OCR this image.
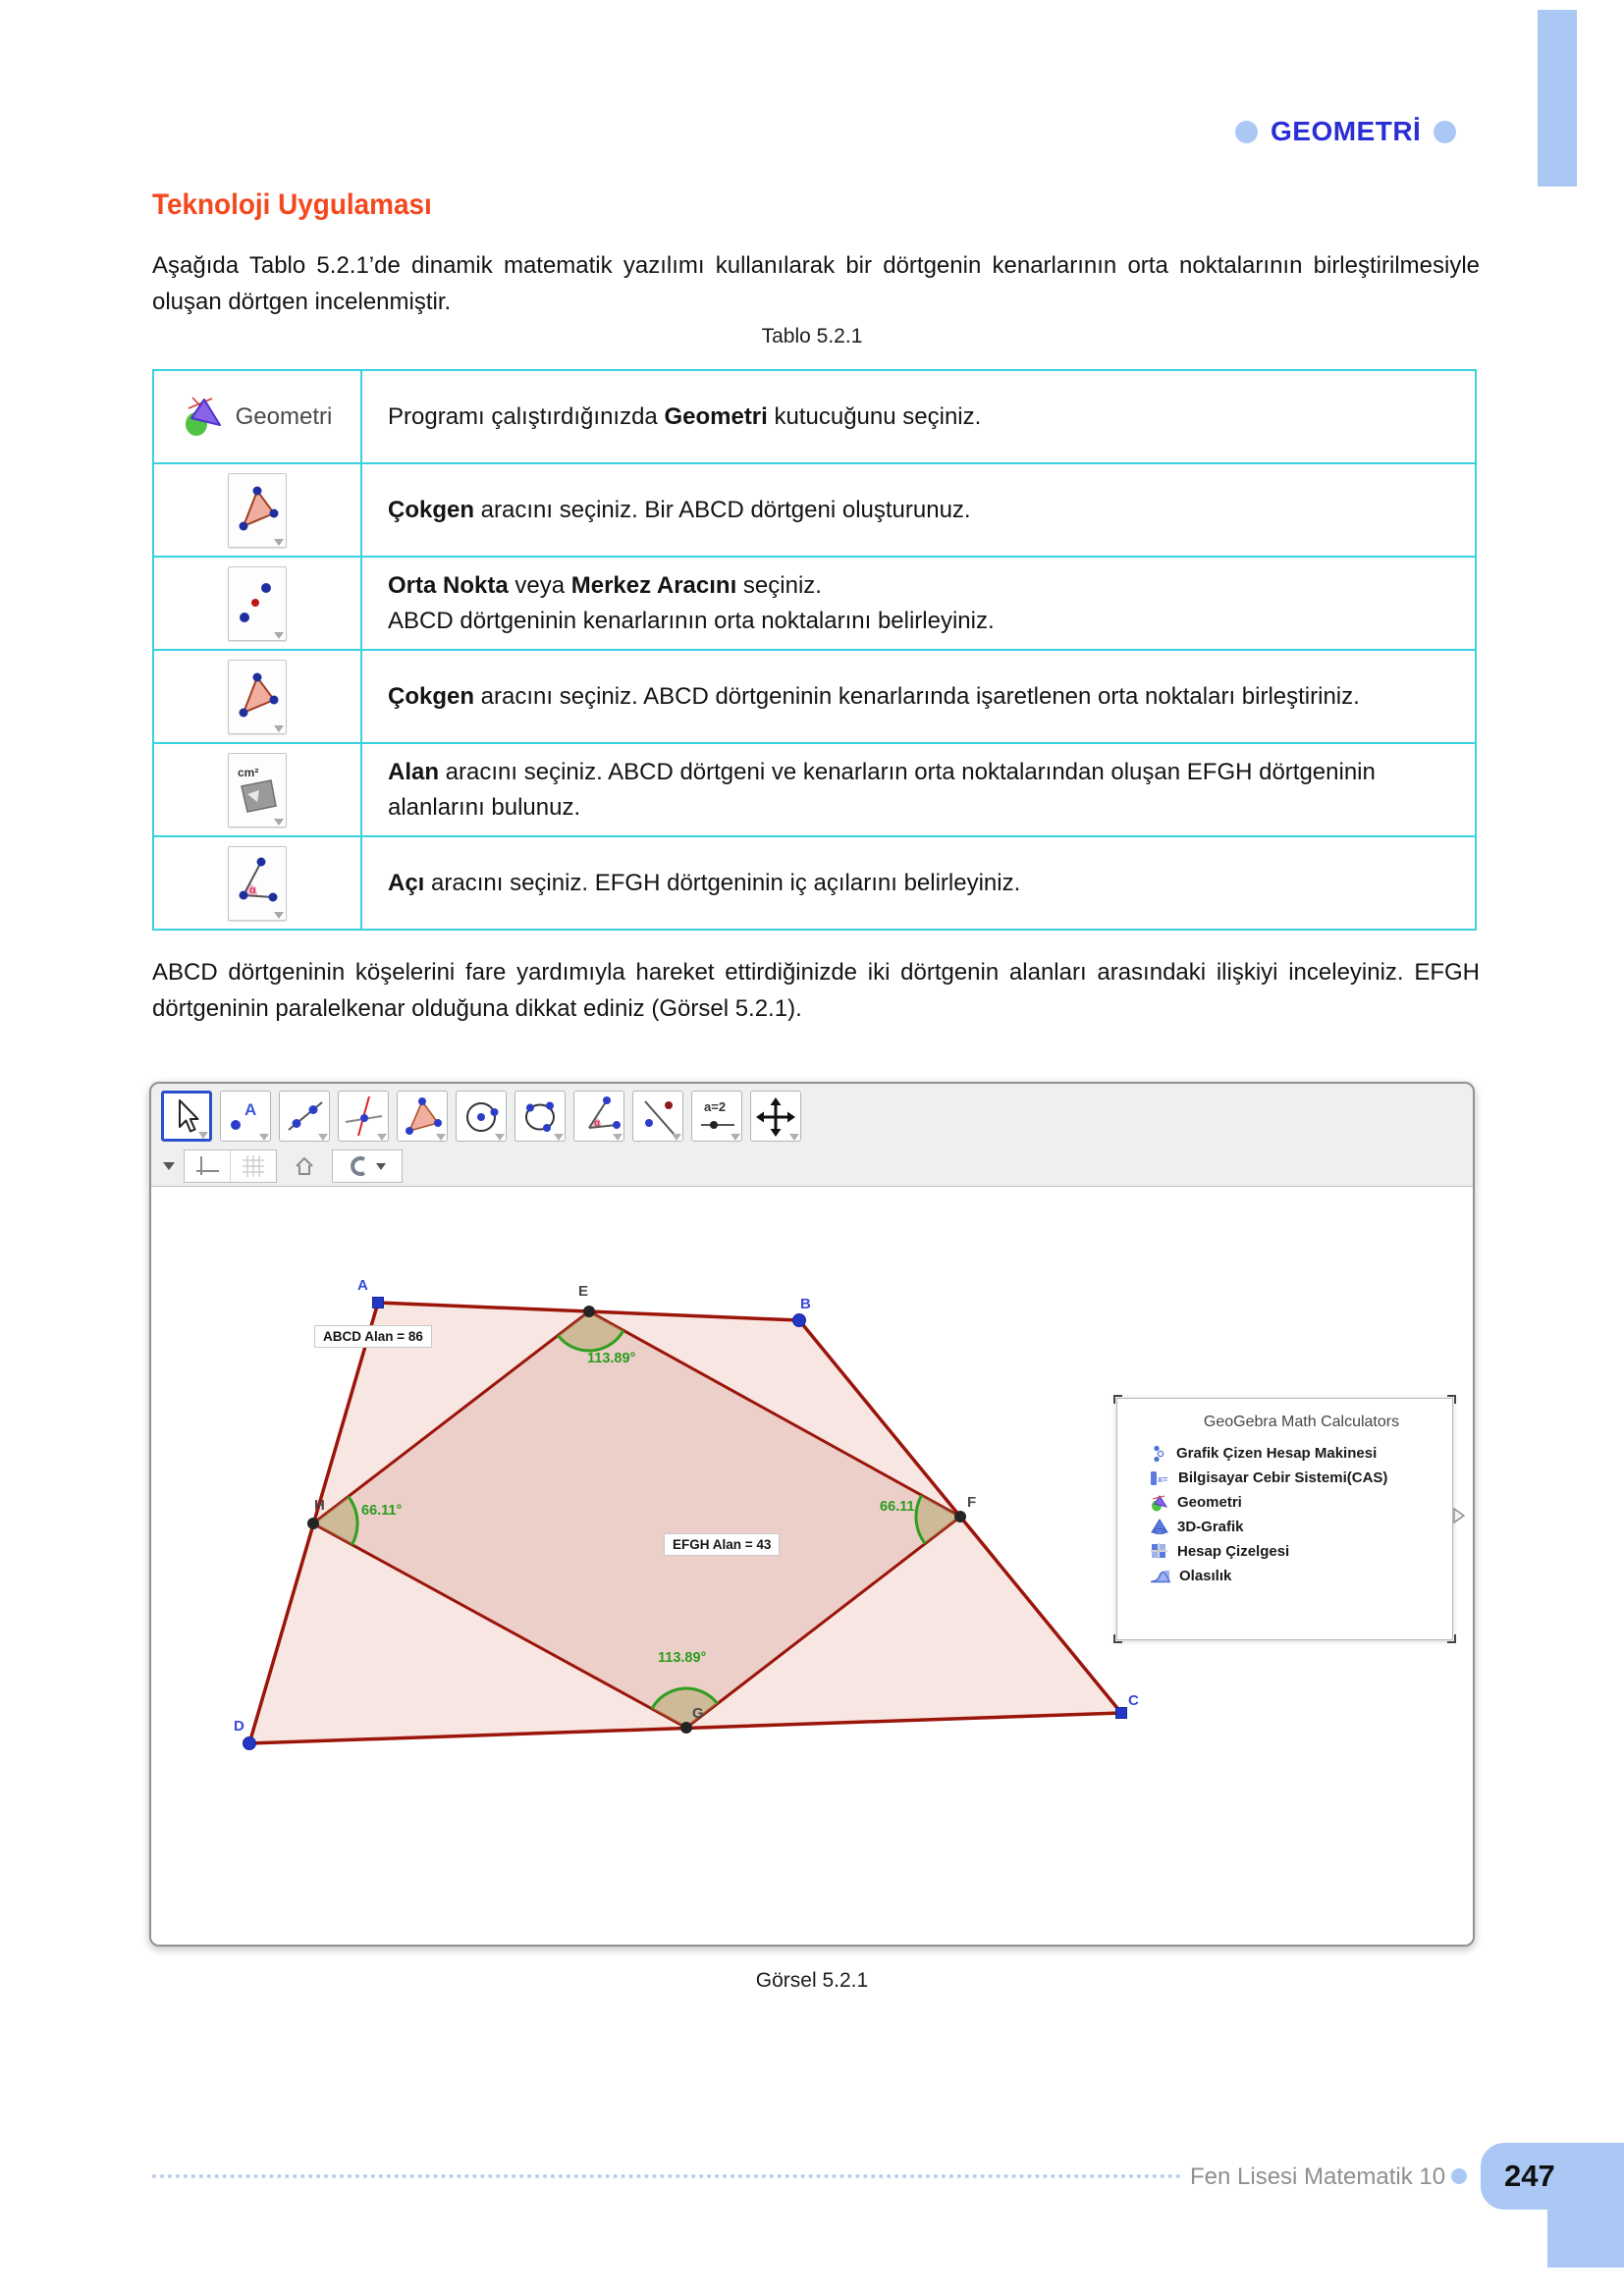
GEOMETRİ
Teknoloji Uygulaması
Aşağıda Tablo 5.2.1’de dinamik matematik yazılımı kullanılarak bir dörtgenin kenarlarının orta noktalarının birleştirilmesiyle oluşan dörtgen incelenmiştir.
Tablo 5.2.1
Geometri Programı çalıştırdığınızda Geometri kutucuğunu seçiniz.
Çokgen aracını seçiniz. Bir ABCD dörtgeni oluşturunuz.
Orta Nokta veya Merkez Aracını seçiniz.
ABCD dörtgeninin kenarlarının orta noktalarını belirleyiniz.
Çokgen aracını seçiniz. ABCD dörtgeninin kenarlarında işaretlenen orta noktaları birleştiriniz.
cm²	Alan aracını seçiniz. ABCD dörtgeni ve kenarların orta noktalarından oluşan EFGH dörtgeninin alanlarını bulunuz.
α	Açı aracını seçiniz. EFGH dörtgeninin iç açılarını belirleyiniz.
ABCD dörtgeninin köşelerini fare yardımıyla hareket ettirdiğinizde iki dörtgenin alanları arasındaki ilişkiyi inceleyiniz. EFGH dörtgeninin paralelkenar olduğuna dikkat ediniz (Görsel 5.2.1).
A
α
a=2
A
B
C
D
E
F
G
H
113.89°
66.11
113.89°
66.11°
ABCD Alan = 86
EFGH Alan = 43
GeoGebra Math Calculators
Grafik Çizen Hesap Makinesi
x= Bilgisayar Cebir Sistemi(CAS)
Geometri
3D-Grafik
Hesap Çizelgesi
Olasılık
Görsel 5.2.1
Fen Lisesi Matematik 10 247
